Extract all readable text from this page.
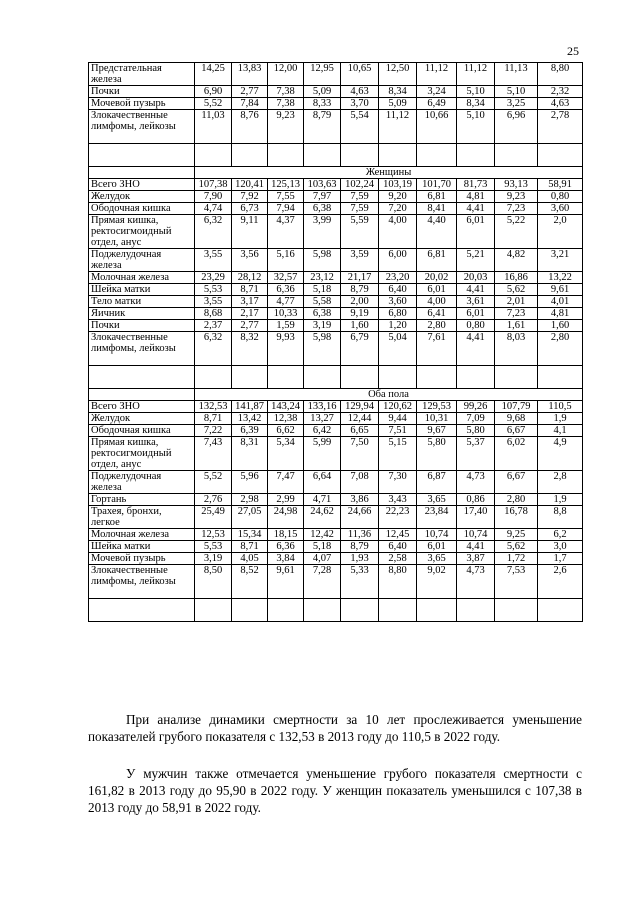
25
Предстательная железа	14,25	13,83	12,00	12,95	10,65	12,50	11,12	11,12	11,13	8,80
Почки	6,90	2,77	7,38	5,09	4,63	8,34	3,24	5,10	5,10	2,32
Мочевой пузырь	5,52	7,84	7,38	8,33	3,70	5,09	6,49	8,34	3,25	4,63
Злокачественные лимфомы, лейкозы	11,03	8,76	9,23	8,79	5,54	11,12	10,66	5,10	6,96	2,78

	Женщины									
Всего ЗНО	107,38	120,41	125,13	103,63	102,24	103,19	101,70	81,73	93,13	58,91
Желудок	7,90	7,92	7,55	7,97	7,59	9,20	6,81	4,81	9,23	0,80
Ободочная кишка	4,74	6,73	7,94	6,38	7,59	7,20	8,41	4,41	7,23	3,60
Прямая кишка, ректосигмоидный отдел, анус	6,32	9,11	4,37	3,99	5,59	4,00	4,40	6,01	5,22	2,0
Поджелудочная железа	3,55	3,56	5,16	5,98	3,59	6,00	6,81	5,21	4,82	3,21
Молочная железа	23,29	28,12	32,57	23,12	21,17	23,20	20,02	20,03	16,86	13,22
Шейка матки	5,53	8,71	6,36	5,18	8,79	6,40	6,01	4,41	5,62	9,61
Тело матки	3,55	3,17	4,77	5,58	2,00	3,60	4,00	3,61	2,01	4,01
Яичник	8,68	2,17	10,33	6,38	9,19	6,80	6,41	6,01	7,23	4,81
Почки	2,37	2,77	1,59	3,19	1,60	1,20	2,80	0,80	1,61	1,60
Злокачественные лимфомы, лейкозы	6,32	8,32	9,93	5,98	6,79	5,04	7,61	4,41	8,03	2,80

	Оба пола									
Всего ЗНО	132,53	141,87	143,24	133,16	129,94	120,62	129,53	99,26	107,79	110,5
Желудок	8,71	13,42	12,38	13,27	12,44	9,44	10,31	7,09	9,68	1,9
Ободочная кишка	7,22	6,39	6,62	6,42	6,65	7,51	9,67	5,80	6,67	4,1
Прямая кишка, ректосигмоидный отдел, анус	7,43	8,31	5,34	5,99	7,50	5,15	5,80	5,37	6,02	4,9
Поджелудочная железа	5,52	5,96	7,47	6,64	7,08	7,30	6,87	4,73	6,67	2,8
Гортань	2,76	2,98	2,99	4,71	3,86	3,43	3,65	0,86	2,80	1,9
Трахея, бронхи, легкое	25,49	27,05	24,98	24,62	24,66	22,23	23,84	17,40	16,78	8,8
Молочная железа	12,53	15,34	18,15	12,42	11,36	12,45	10,74	10,74	9,25	6,2
Шейка матки	5,53	8,71	6,36	5,18	8,79	6,40	6,01	4,41	5,62	3,0
Мочевой пузырь	3,19	4,05	3,84	4,07	1,93	2,58	3,65	3,87	1,72	1,7
Злокачественные лимфомы, лейкозы	8,50	8,52	9,61	7,28	5,33	8,80	9,02	4,73	7,53	2,6

При анализе динамики смертности за 10 лет прослеживается уменьшение показателей грубого показателя с 132,53 в 2013 году до 110,5 в 2022 году.

У мужчин также отмечается уменьшение грубого показателя смертности с 161,82 в 2013 году до 95,90 в 2022 году. У женщин показатель уменьшился с 107,38 в 2013 году до 58,91 в 2022 году.
